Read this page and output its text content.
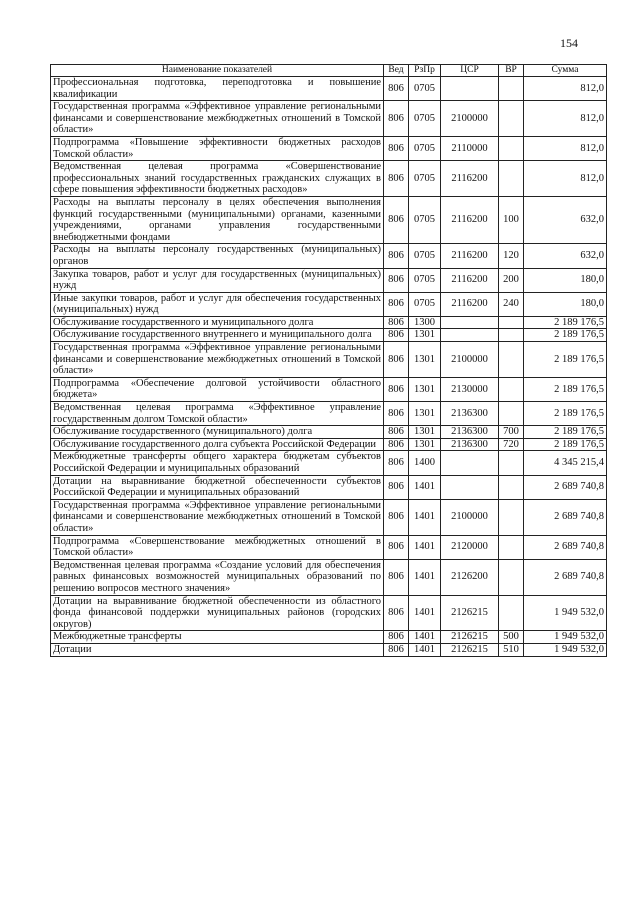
154
Наименование показателей	Вед	РзПр	ЦСР	ВР	Сумма
Профессиональная подготовка, переподготовка и повышение квалификации	806	0705			812,0
Государственная программа «Эффективное управление региональными финансами и совершенствование межбюджетных отношений в Томской области»	806	0705	2100000		812,0
Подпрограмма «Повышение эффективности бюджетных расходов Томской области»	806	0705	2110000		812,0
Ведомственная целевая программа «Совершенствование профессиональных знаний государственных гражданских служащих в сфере повышения эффективности бюджетных расходов»	806	0705	2116200		812,0
Расходы на выплаты персоналу в целях обеспечения выполнения функций государственными (муниципальными) органами, казенными учреждениями, органами управления государственными внебюджетными фондами	806	0705	2116200	100	632,0
Расходы на выплаты персоналу государственных (муниципальных) органов	806	0705	2116200	120	632,0
Закупка товаров, работ и услуг для государственных (муниципальных) нужд	806	0705	2116200	200	180,0
Иные закупки товаров, работ и услуг для обеспечения государственных (муниципальных) нужд	806	0705	2116200	240	180,0
Обслуживание государственного и муниципального долга	806	1300			2 189 176,5
Обслуживание государственного внутреннего и муниципального долга	806	1301			2 189 176,5
Государственная программа «Эффективное управление региональными финансами и совершенствование межбюджетных отношений в Томской области»	806	1301	2100000		2 189 176,5
Подпрограмма «Обеспечение долговой устойчивости областного бюджета»	806	1301	2130000		2 189 176,5
Ведомственная целевая программа «Эффективное управление государственным долгом Томской области»	806	1301	2136300		2 189 176,5
Обслуживание государственного (муниципального) долга	806	1301	2136300	700	2 189 176,5
Обслуживание государственного долга субъекта Российской Федерации	806	1301	2136300	720	2 189 176,5
Межбюджетные трансферты общего характера бюджетам субъектов Российской Федерации и муниципальных образований	806	1400			4 345 215,4
Дотации на выравнивание бюджетной обеспеченности субъектов Российской Федерации и муниципальных образований	806	1401			2 689 740,8
Государственная программа «Эффективное управление региональными финансами и совершенствование межбюджетных отношений в Томской области»	806	1401	2100000		2 689 740,8
Подпрограмма «Совершенствование межбюджетных отношений в Томской области»	806	1401	2120000		2 689 740,8
Ведомственная целевая программа «Создание условий для обеспечения равных финансовых возможностей муниципальных образований по решению вопросов местного значения»	806	1401	2126200		2 689 740,8
Дотации на выравнивание бюджетной обеспеченности из областного фонда финансовой поддержки муниципальных районов (городских округов)	806	1401	2126215		1 949 532,0
Межбюджетные трансферты	806	1401	2126215	500	1 949 532,0
Дотации	806	1401	2126215	510	1 949 532,0
